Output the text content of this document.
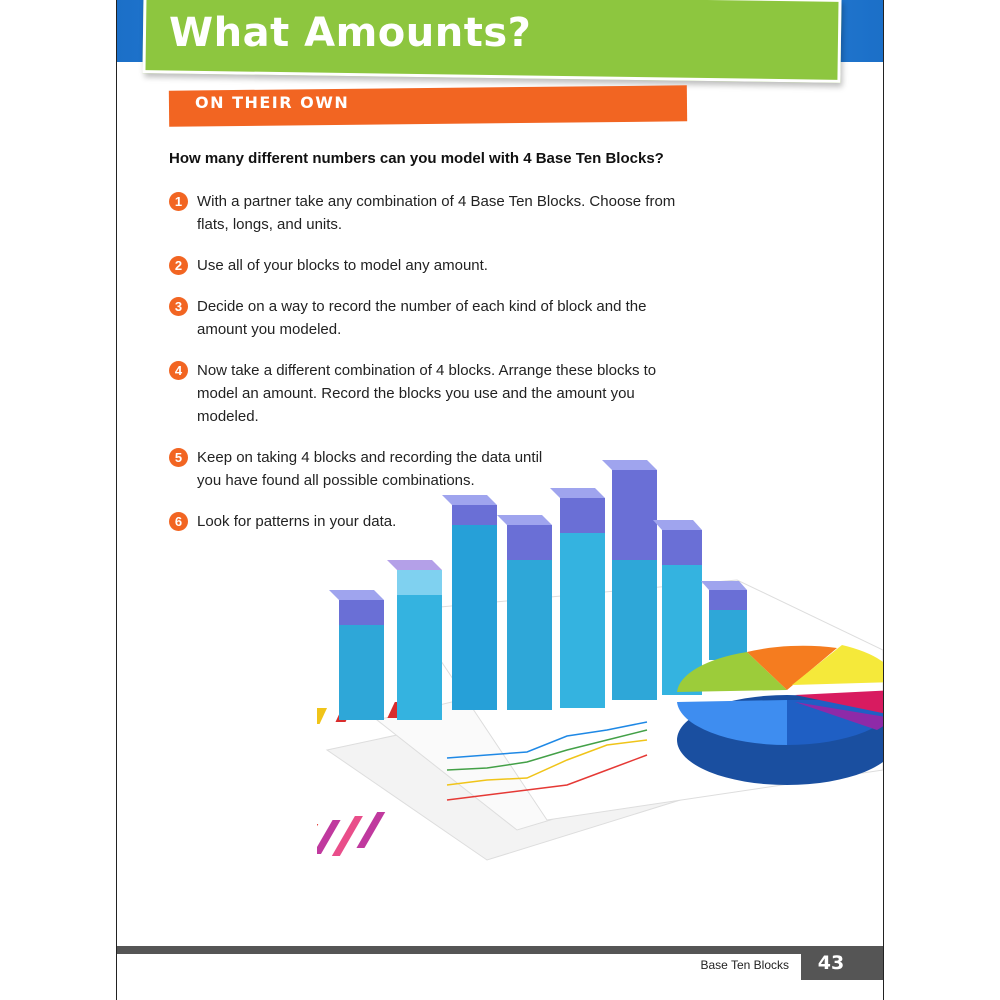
What Amounts?
ON THEIR OWN
How many different numbers can you model with 4 Base Ten Blocks?
1 With a partner take any combination of 4 Base Ten Blocks. Choose from flats, longs, and units.
2 Use all of your blocks to model any amount.
3 Decide on a way to record the number of each kind of block and the amount you modeled.
4 Now take a different combination of 4 blocks. Arrange these blocks to model an amount. Record the blocks you use and the amount you modeled.
5 Keep on taking 4 blocks and recording the data until you have found all possible combinations.
6 Look for patterns in your data.
Base Ten Blocks	43
